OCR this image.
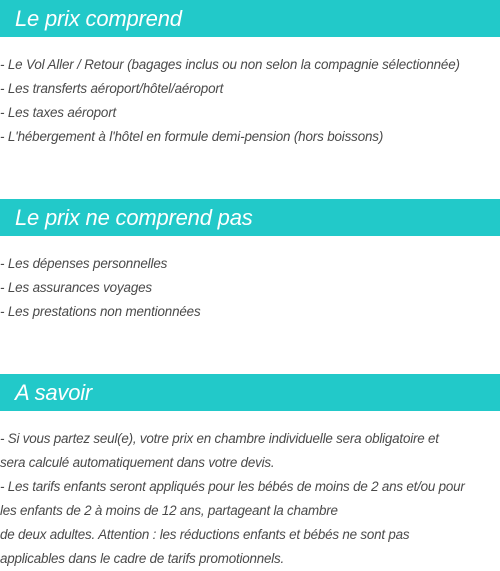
Le prix comprend
- Le Vol Aller / Retour (bagages inclus ou non selon la compagnie sélectionnée)
- Les transferts aéroport/hôtel/aéroport
- Les taxes aéroport
- L'hébergement à l'hôtel en formule demi-pension (hors boissons)
Le prix ne comprend pas
- Les dépenses personnelles
- Les assurances voyages
- Les prestations non mentionnées
A savoir
- Si vous partez seul(e), votre prix en chambre individuelle sera obligatoire et
sera calculé automatiquement dans votre devis.
- Les tarifs enfants seront appliqués pour les bébés de moins de 2 ans et/ou pour
les enfants de 2 à moins de 12 ans, partageant la chambre
de deux adultes. Attention : les réductions enfants et bébés ne sont pas
applicables dans le cadre de tarifs promotionnels.
